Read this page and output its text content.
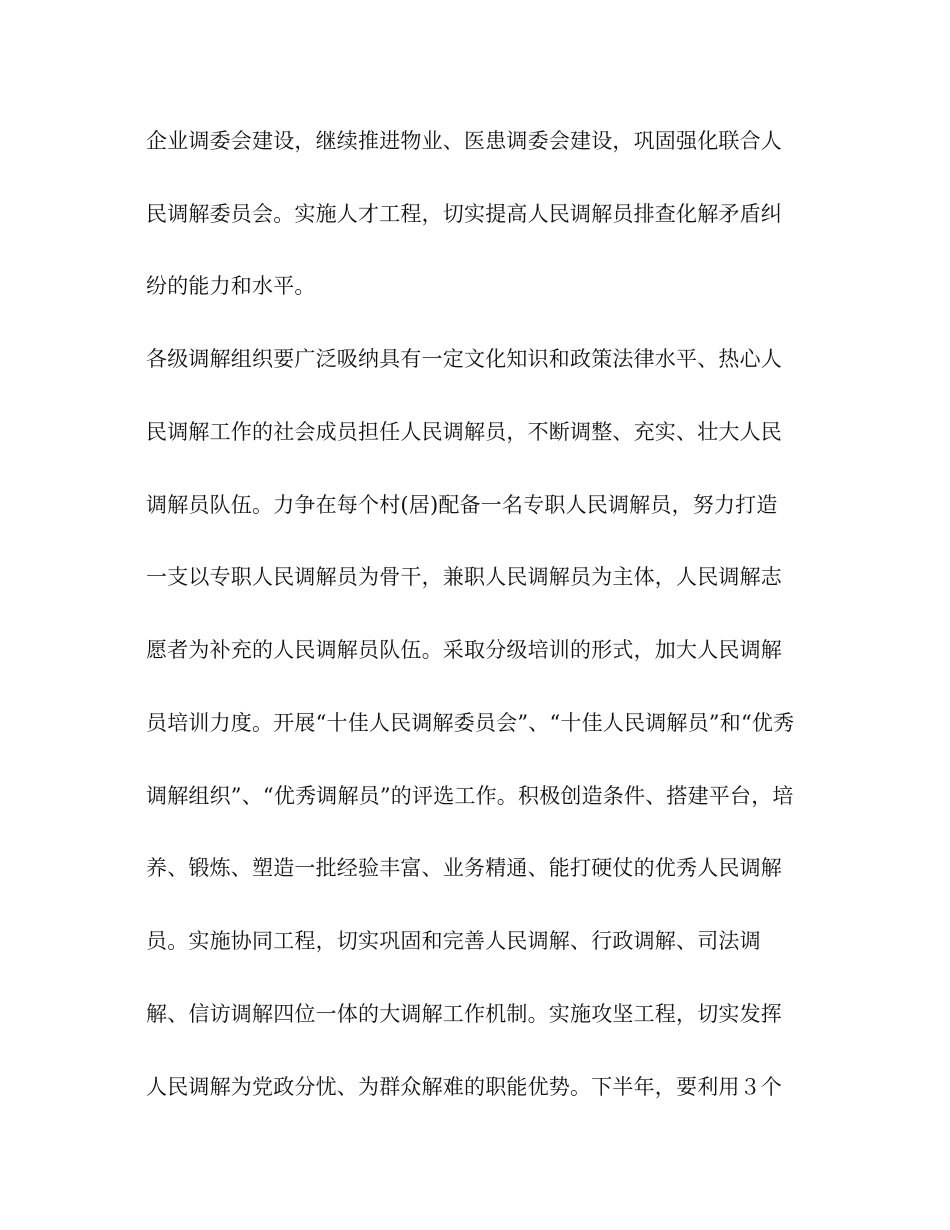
企业调委会建设，继续推进物业、医患调委会建设，巩固强化联合人

民调解委员会。实施人才工程，切实提高人民调解员排查化解矛盾纠

纷的能力和水平。

各级调解组织要广泛吸纳具有一定文化知识和政策法律水平、热心人

民调解工作的社会成员担任人民调解员，不断调整、充实、壮大人民

调解员队伍。力争在每个村(居)配备一名专职人民调解员，努力打造

一支以专职人民调解员为骨干，兼职人民调解员为主体，人民调解志

愿者为补充的人民调解员队伍。采取分级培训的形式，加大人民调解

员培训力度。开展“十佳人民调解委员会”、“十佳人民调解员”和“优秀

调解组织”、“优秀调解员”的评选工作。积极创造条件、搭建平台，培

养、锻炼、塑造一批经验丰富、业务精通、能打硬仗的优秀人民调解

员。实施协同工程，切实巩固和完善人民调解、行政调解、司法调

解、信访调解四位一体的大调解工作机制。实施攻坚工程，切实发挥

人民调解为党政分忧、为群众解难的职能优势。下半年，要利用３个
